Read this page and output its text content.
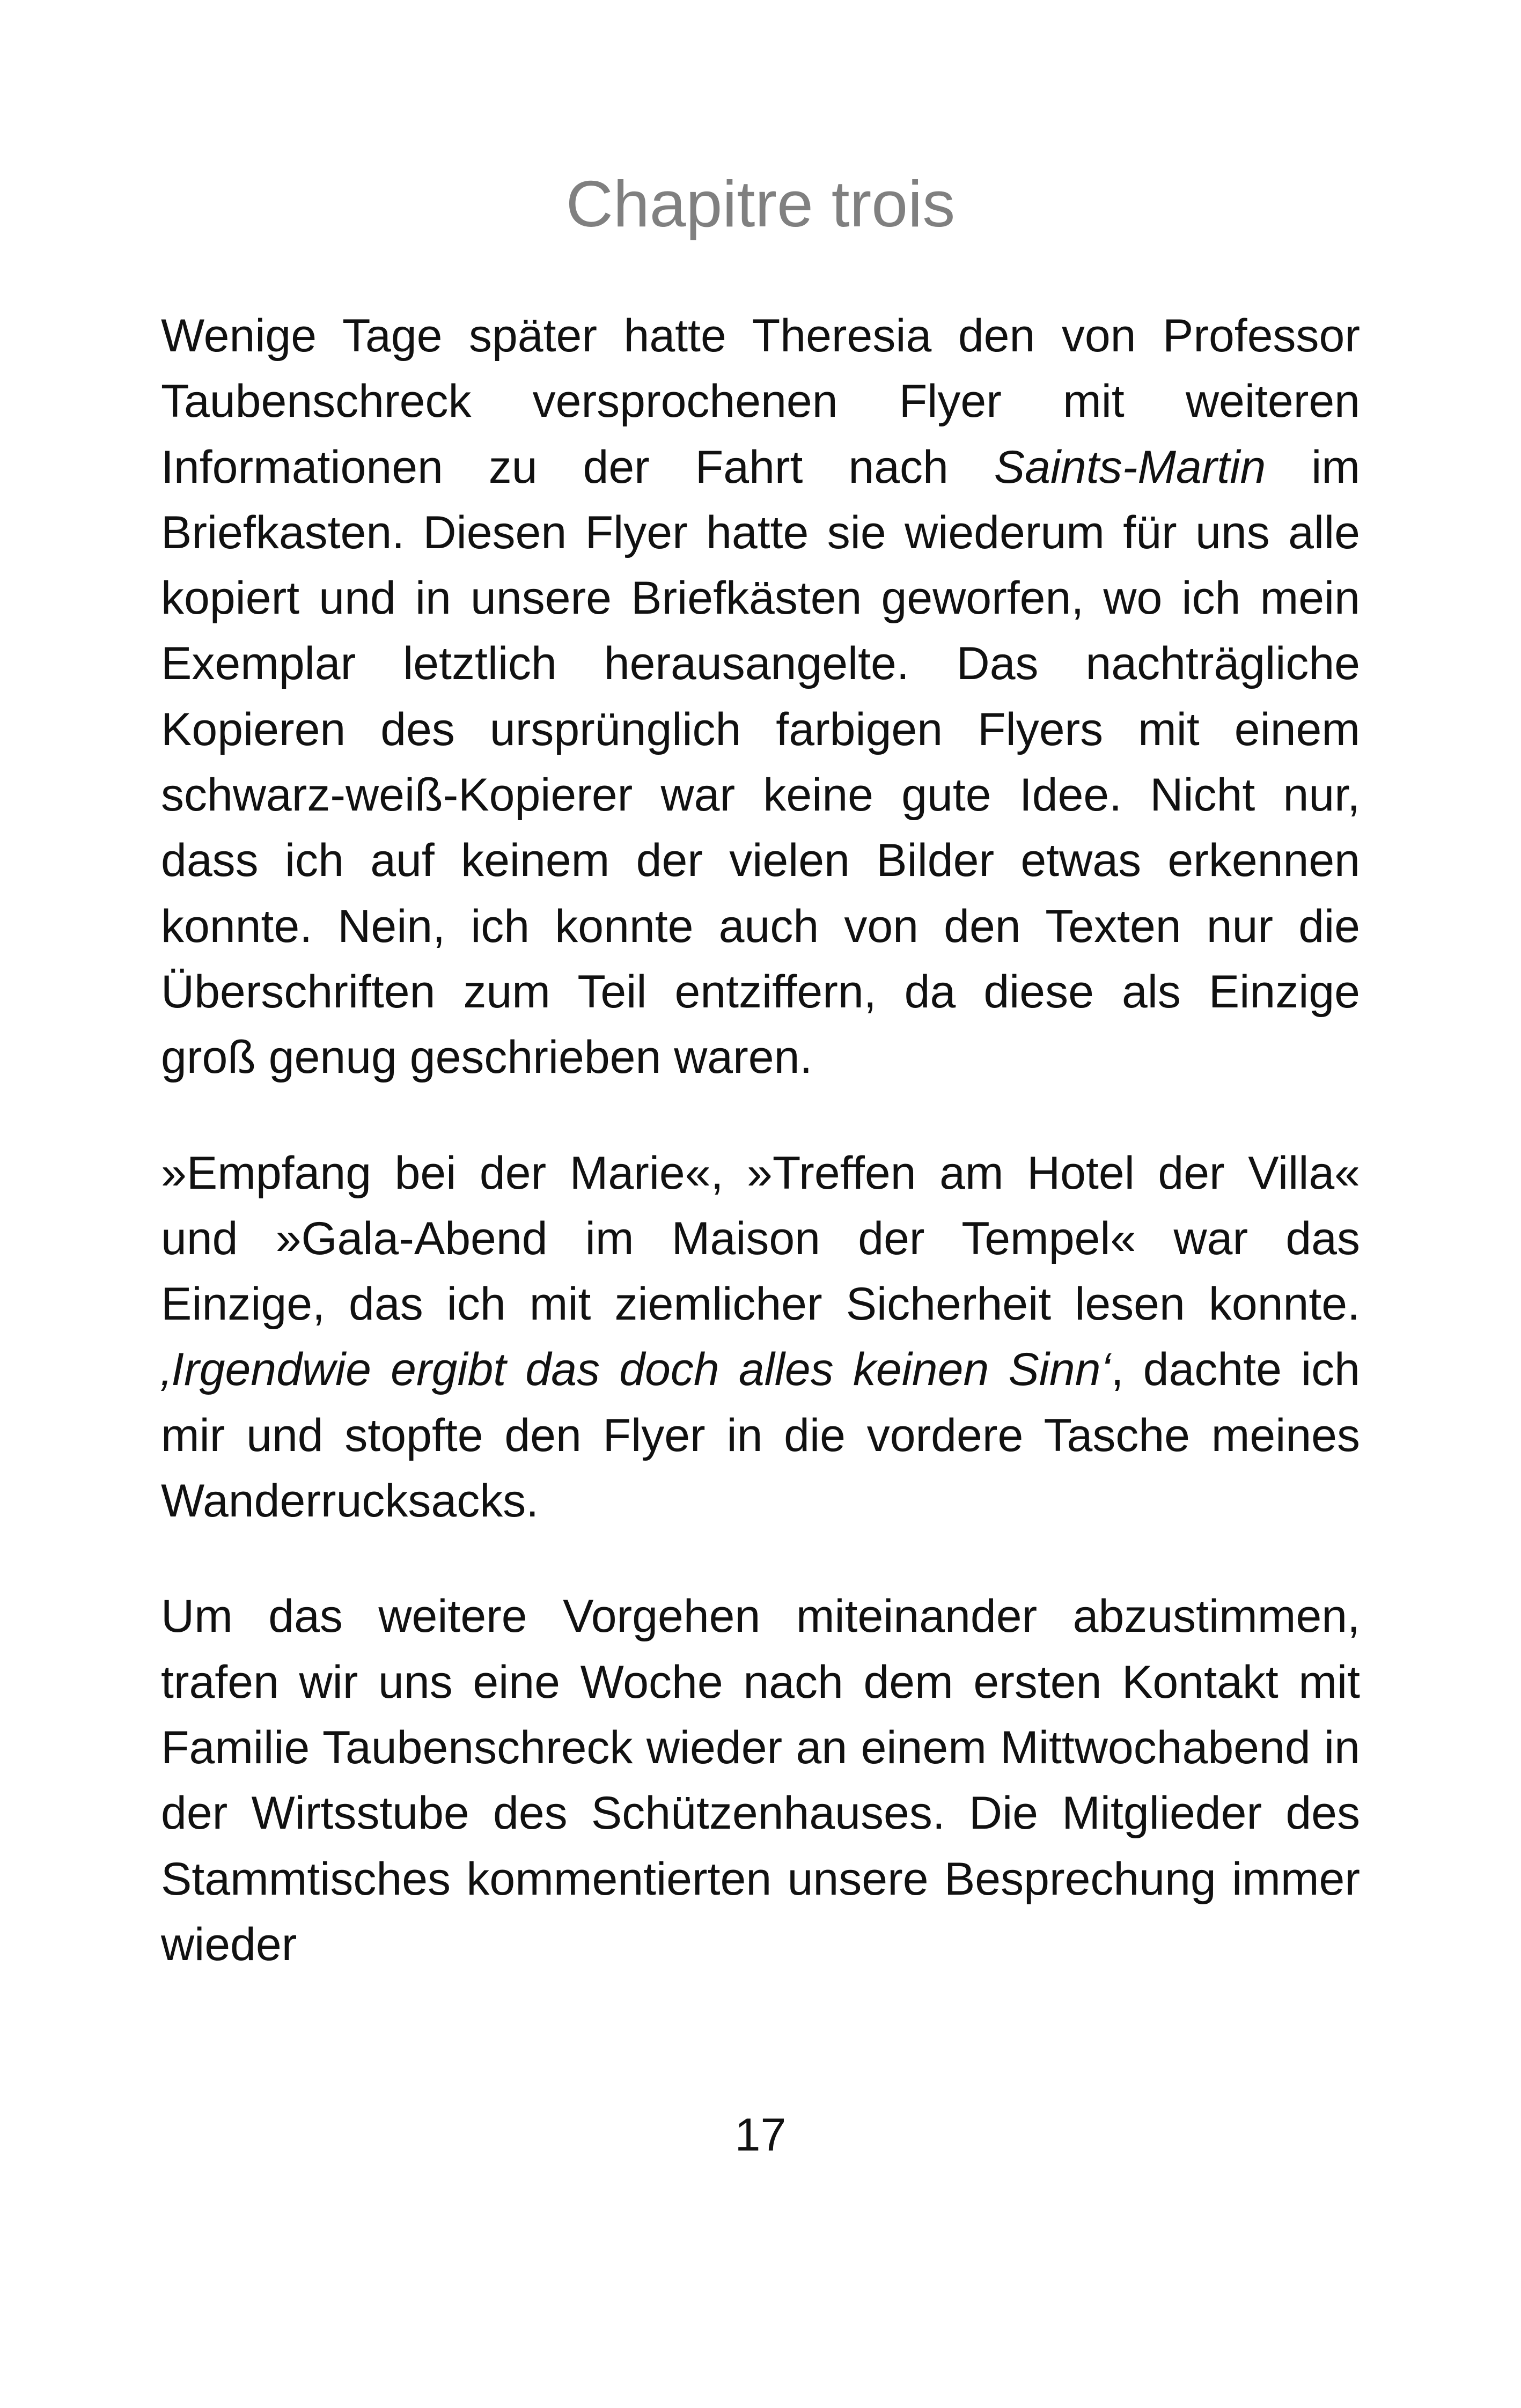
Chapitre trois

Wenige Tage später hatte Theresia den von Professor Taubenschreck versprochenen Flyer mit weiteren Informationen zu der Fahrt nach Saints-Martin im Briefkasten. Diesen Flyer hatte sie wiederum für uns alle kopiert und in unsere Briefkästen geworfen, wo ich mein Exemplar letztlich herausangelte. Das nachträgliche Kopieren des ursprünglich farbigen Flyers mit einem schwarz-weiß-Kopierer war keine gute Idee. Nicht nur, dass ich auf keinem der vielen Bilder etwas erkennen konnte. Nein, ich konnte auch von den Texten nur die Überschriften zum Teil entziffern, da diese als Einzige groß genug geschrieben waren.

»Empfang bei der Marie«, »Treffen am Hotel der Villa« und »Gala-Abend im Maison der Tempel« war das Einzige, das ich mit ziemlicher Sicherheit lesen konnte. ‚Irgendwie ergibt das doch alles keinen Sinn‘, dachte ich mir und stopfte den Flyer in die vordere Tasche meines Wanderrucksacks.

Um das weitere Vorgehen miteinander abzustimmen, trafen wir uns eine Woche nach dem ersten Kontakt mit Familie Taubenschreck wieder an einem Mittwochabend in der Wirtsstube des Schützenhauses. Die Mitglieder des Stammtisches kommentierten unsere Besprechung immer wieder

17
